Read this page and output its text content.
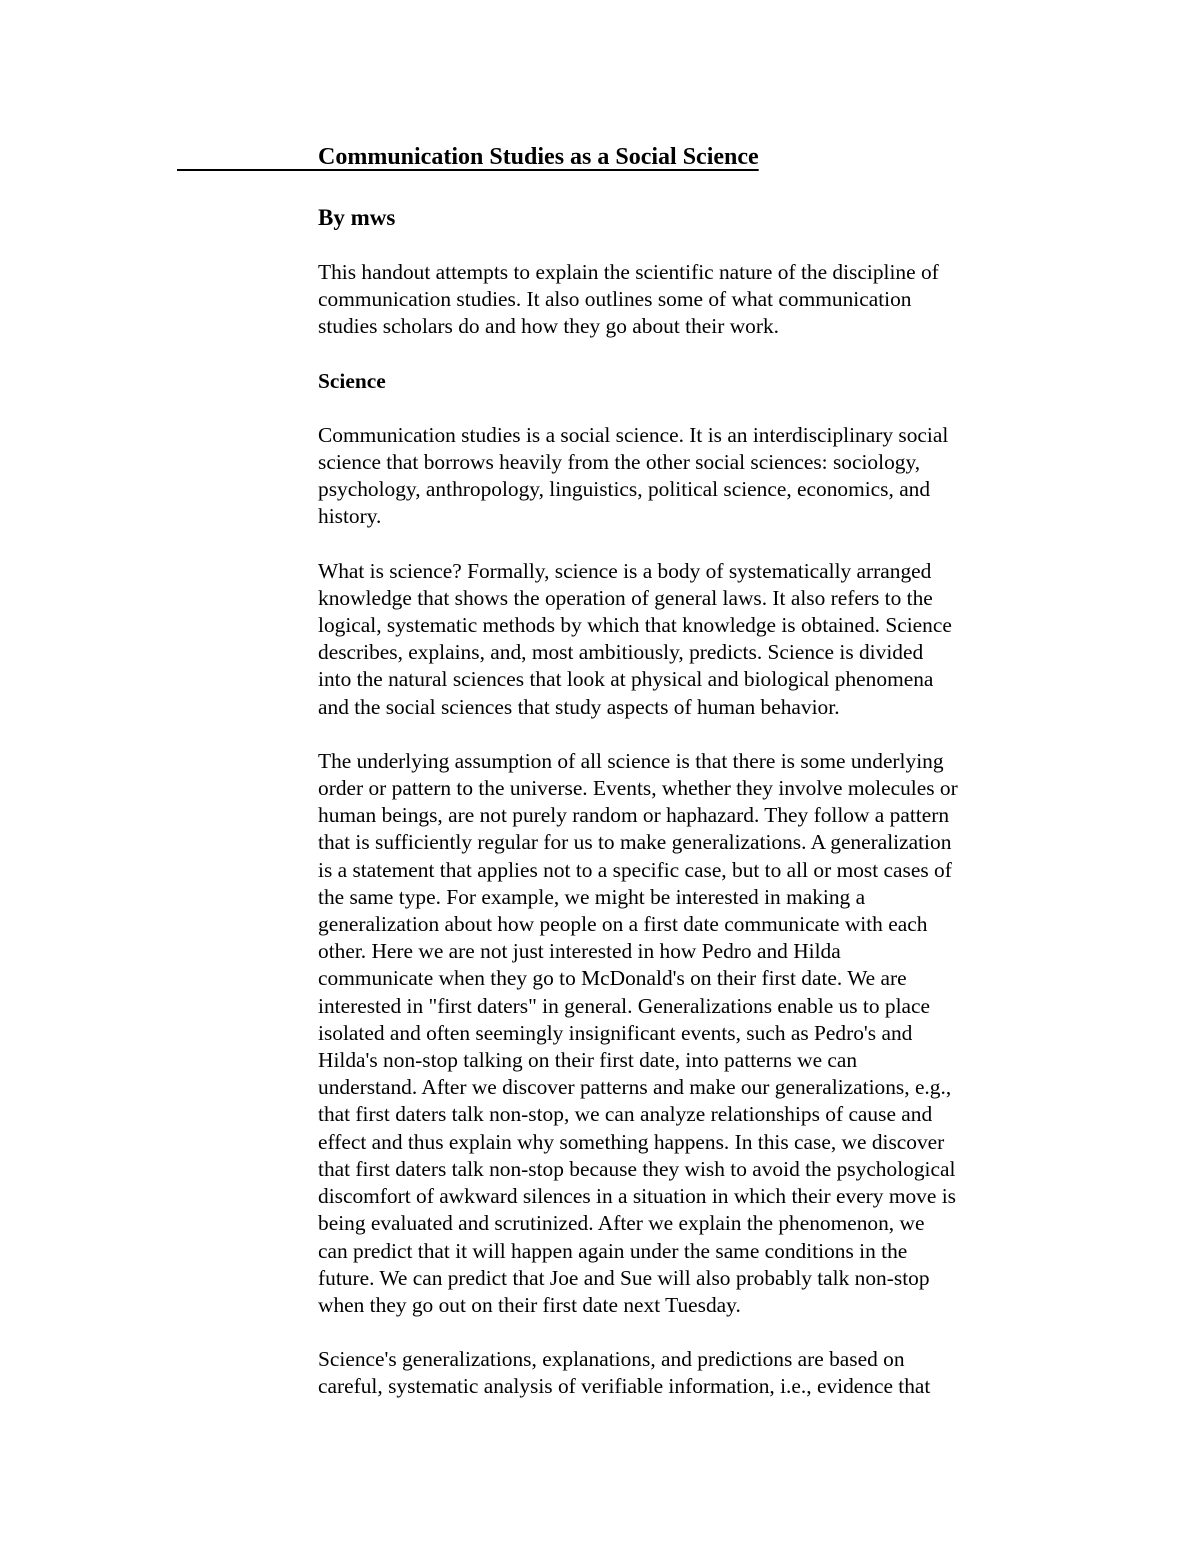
Communication Studies as a Social Science
By mws

This handout attempts to explain the scientific nature of the discipline of
communication studies. It also outlines some of what communication
studies scholars do and how they go about their work.

Science

Communication studies is a social science. It is an interdisciplinary social
science that borrows heavily from the other social sciences: sociology,
psychology, anthropology, linguistics, political science, economics, and
history.

What is science? Formally, science is a body of systematically arranged
knowledge that shows the operation of general laws. It also refers to the
logical, systematic methods by which that knowledge is obtained. Science
describes, explains, and, most ambitiously, predicts. Science is divided
into the natural sciences that look at physical and biological phenomena
and the social sciences that study aspects of human behavior.

The underlying assumption of all science is that there is some underlying
order or pattern to the universe. Events, whether they involve molecules or
human beings, are not purely random or haphazard. They follow a pattern
that is sufficiently regular for us to make generalizations. A generalization
is a statement that applies not to a specific case, but to all or most cases of
the same type. For example, we might be interested in making a
generalization about how people on a first date communicate with each
other. Here we are not just interested in how Pedro and Hilda
communicate when they go to McDonald's on their first date. We are
interested in "first daters" in general. Generalizations enable us to place
isolated and often seemingly insignificant events, such as Pedro's and
Hilda's non-stop talking on their first date, into patterns we can
understand. After we discover patterns and make our generalizations, e.g.,
that first daters talk non-stop, we can analyze relationships of cause and
effect and thus explain why something happens. In this case, we discover
that first daters talk non-stop because they wish to avoid the psychological
discomfort of awkward silences in a situation in which their every move is
being evaluated and scrutinized. After we explain the phenomenon, we
can predict that it will happen again under the same conditions in the
future. We can predict that Joe and Sue will also probably talk non-stop
when they go out on their first date next Tuesday.

Science's generalizations, explanations, and predictions are based on
careful, systematic analysis of verifiable information, i.e., evidence that
